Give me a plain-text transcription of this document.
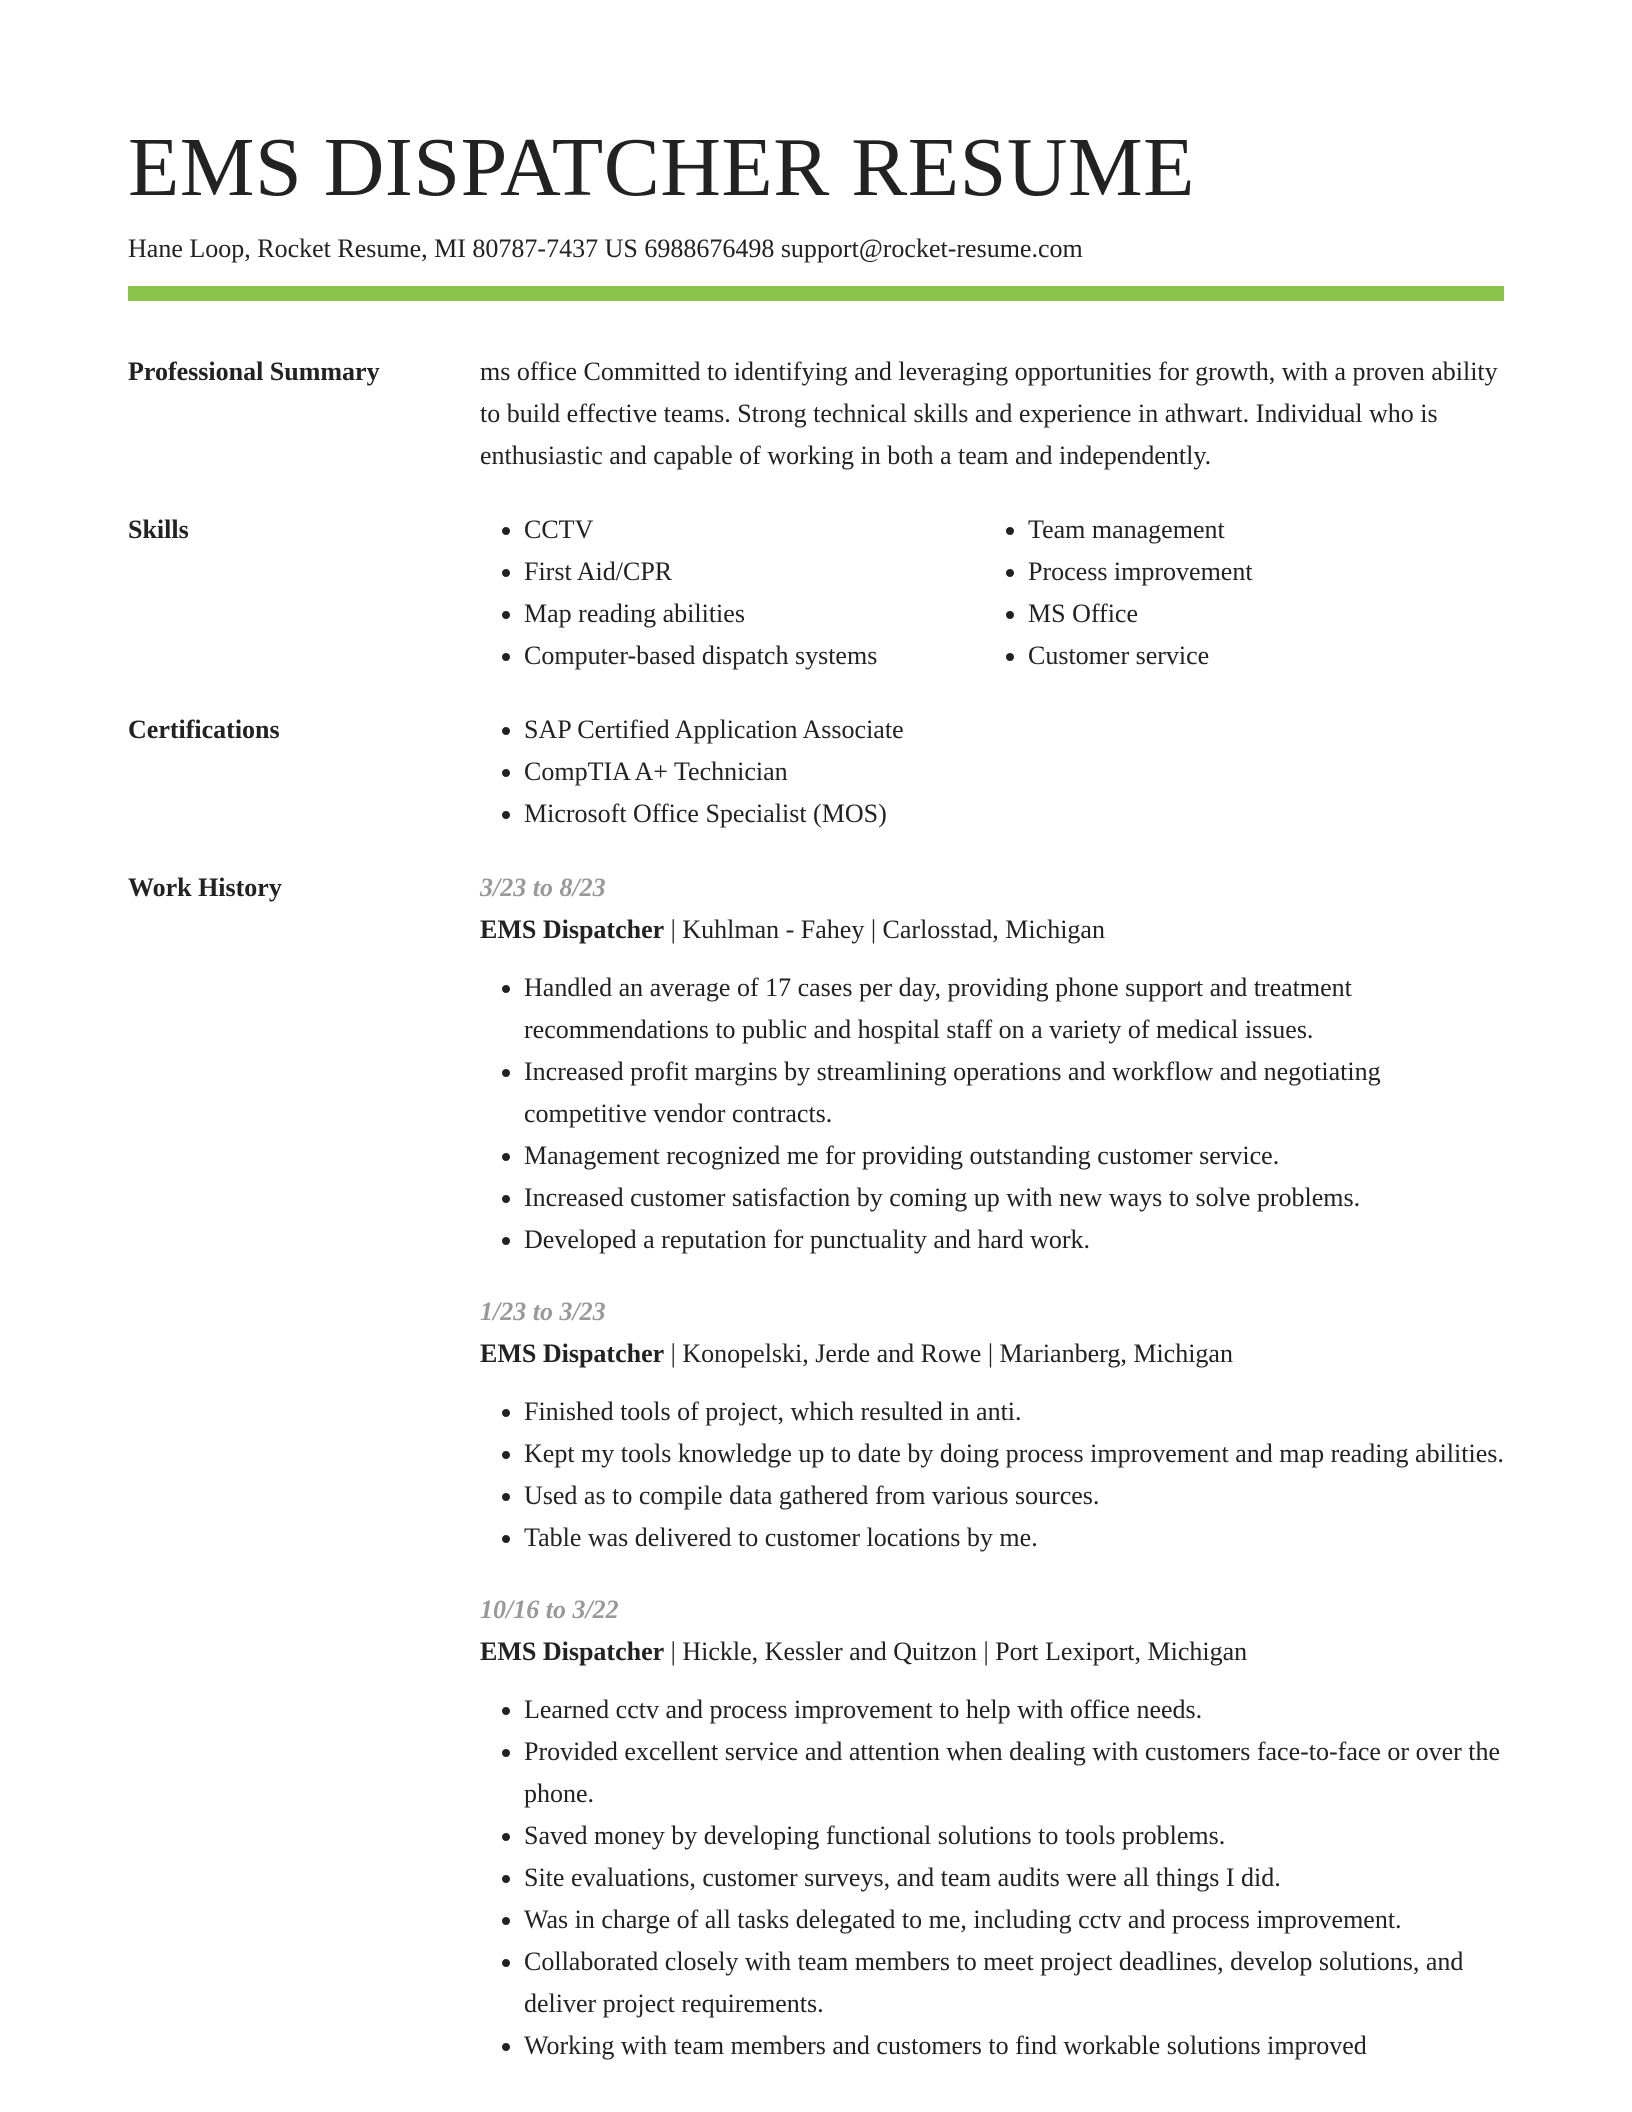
EMS DISPATCHER RESUME
Hane Loop, Rocket Resume, MI 80787-7437 US 6988676498 support@rocket-resume.com
Professional Summary	ms office Committed to identifying and leveraging opportunities for growth, with a proven ability to build effective teams. Strong technical skills and experience in athwart. Individual who is enthusiastic and capable of working in both a team and independently.
Skills	• CCTV
• First Aid/CPR
• Map reading abilities
• Computer-based dispatch systems
• Team management
• Process improvement
• MS Office
• Customer service
Certifications	• SAP Certified Application Associate
• CompTIA A+ Technician
• Microsoft Office Specialist (MOS)
Work History	3/23 to 8/23
EMS Dispatcher | Kuhlman - Fahey | Carlosstad, Michigan
• Handled an average of 17 cases per day, providing phone support and treatment recommendations to public and hospital staff on a variety of medical issues.
• Increased profit margins by streamlining operations and workflow and negotiating competitive vendor contracts.
• Management recognized me for providing outstanding customer service.
• Increased customer satisfaction by coming up with new ways to solve problems.
• Developed a reputation for punctuality and hard work.
1/23 to 3/23
EMS Dispatcher | Konopelski, Jerde and Rowe | Marianberg, Michigan
• Finished tools of project, which resulted in anti.
• Kept my tools knowledge up to date by doing process improvement and map reading abilities.
• Used as to compile data gathered from various sources.
• Table was delivered to customer locations by me.
10/16 to 3/22
EMS Dispatcher | Hickle, Kessler and Quitzon | Port Lexiport, Michigan
• Learned cctv and process improvement to help with office needs.
• Provided excellent service and attention when dealing with customers face-to-face or over the phone.
• Saved money by developing functional solutions to tools problems.
• Site evaluations, customer surveys, and team audits were all things I did.
• Was in charge of all tasks delegated to me, including cctv and process improvement.
• Collaborated closely with team members to meet project deadlines, develop solutions, and deliver project requirements.
• Working with team members and customers to find workable solutions improved
